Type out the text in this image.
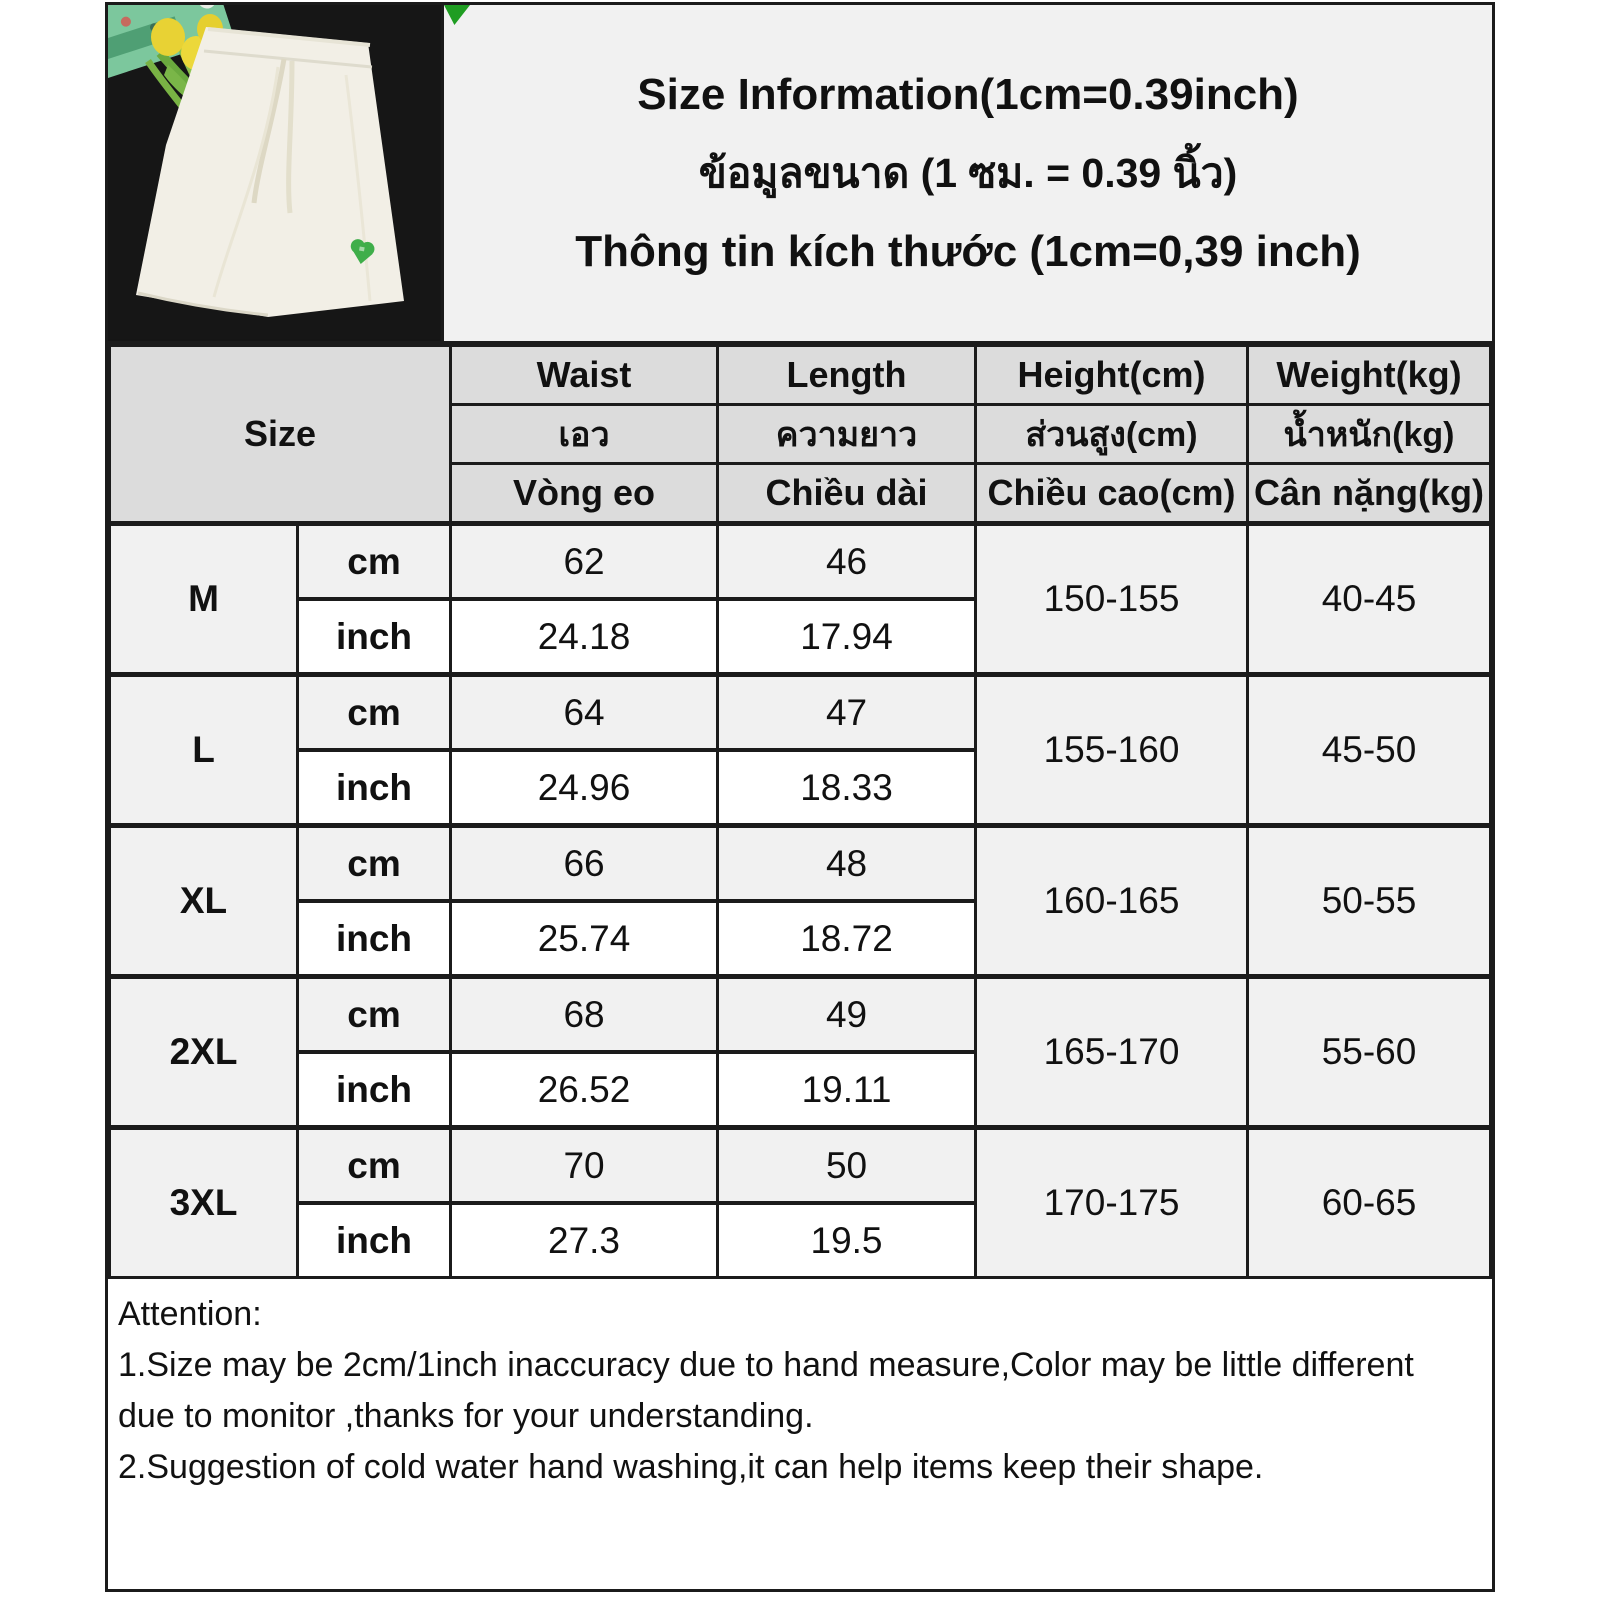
Size Information(1cm=0.39inch)
ข้อมูลขนาด (1 ซม. = 0.39 นิ้ว)
Thông tin kích thước (1cm=0,39 inch)
Size		Waist	Length	Height(cm)	Weight(kg)
		เอว	ความยาว	ส่วนสูง(cm)	น้ำหนัก(kg)
		Vòng eo	Chiều dài	Chiều cao(cm)	Cân nặng(kg)
M	cm	62	46	150-155	40-45
	inch	24.18	17.94		
L	cm	64	47	155-160	45-50
	inch	24.96	18.33		
XL	cm	66	48	160-165	50-55
	inch	25.74	18.72		
2XL	cm	68	49	165-170	55-60
	inch	26.52	19.11		
3XL	cm	70	50	170-175	60-65
	inch	27.3	19.5		
Attention:
1.Size may be 2cm/1inch inaccuracy due to hand measure,Color may be little different due to monitor ,thanks for your understanding.
2.Suggestion of cold water hand washing,it can help items keep their shape.
